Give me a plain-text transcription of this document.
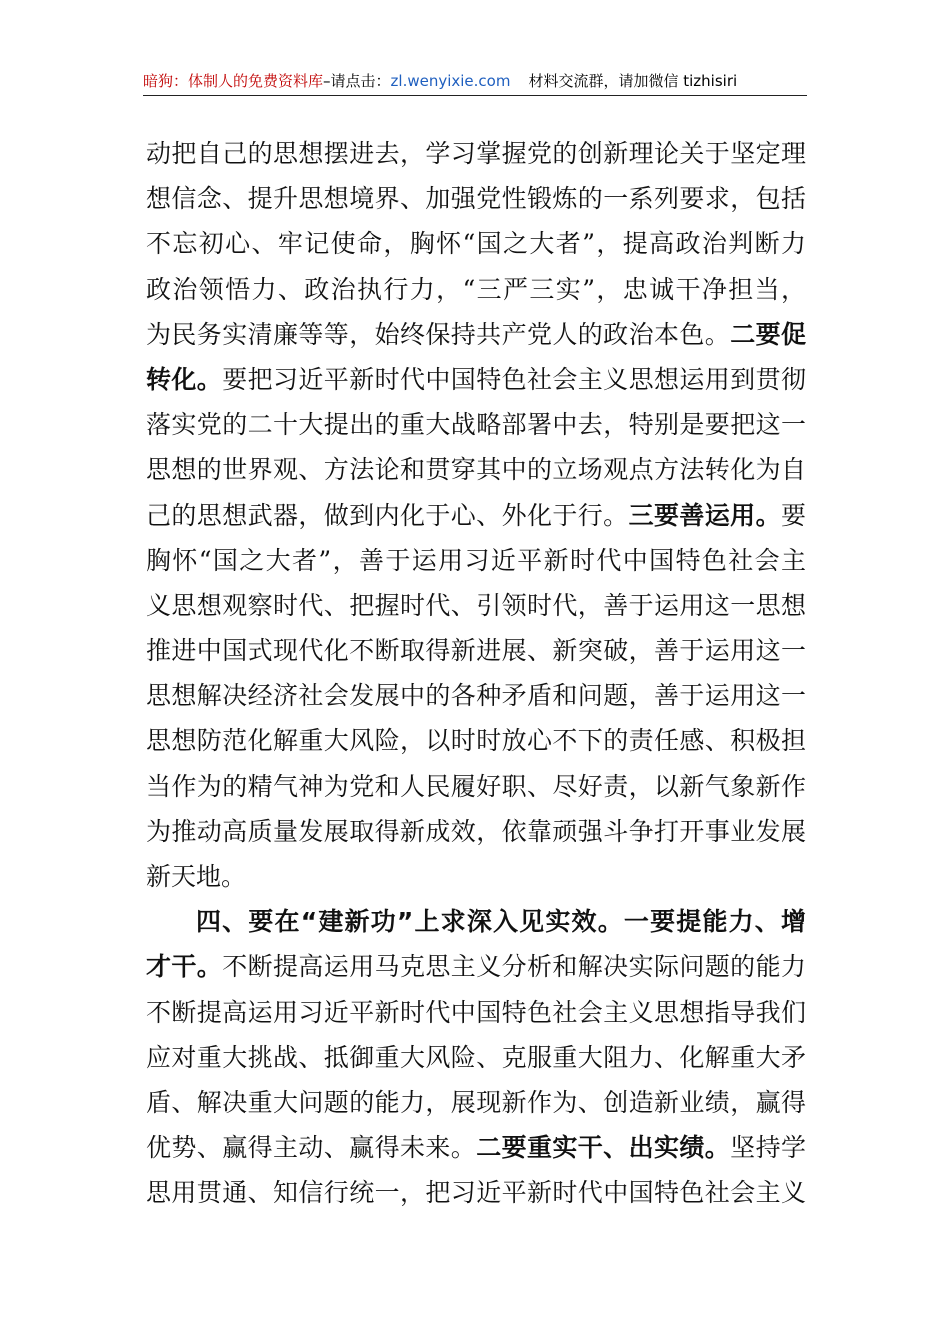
暗狗：体制人的免费资料库–请点击：zl.wenyixie.com 材料交流群，请加微信 tizhisiri
动把自己的思想摆进去，学习掌握党的创新理论关于坚定理
想信念、提升思想境界、加强党性锻炼的一系列要求，包括
不忘初心、牢记使命，胸怀“国之大者”，提高政治判断力
政治领悟力、政治执行力，“三严三实”，忠诚干净担当，
为民务实清廉等等，始终保持共产党人的政治本色。二要促
转化。要把习近平新时代中国特色社会主义思想运用到贯彻
落实党的二十大提出的重大战略部署中去，特别是要把这一
思想的世界观、方法论和贯穿其中的立场观点方法转化为自
己的思想武器，做到内化于心、外化于行。三要善运用。要
胸怀“国之大者”，善于运用习近平新时代中国特色社会主
义思想观察时代、把握时代、引领时代，善于运用这一思想
推进中国式现代化不断取得新进展、新突破，善于运用这一
思想解决经济社会发展中的各种矛盾和问题，善于运用这一
思想防范化解重大风险，以时时放心不下的责任感、积极担
当作为的精气神为党和人民履好职、尽好责，以新气象新作
为推动高质量发展取得新成效，依靠顽强斗争打开事业发展
新天地。
四、要在“建新功”上求深入见实效。一要提能力、增
才干。不断提高运用马克思主义分析和解决实际问题的能力
不断提高运用习近平新时代中国特色社会主义思想指导我们
应对重大挑战、抵御重大风险、克服重大阻力、化解重大矛
盾、解决重大问题的能力，展现新作为、创造新业绩，赢得
优势、赢得主动、赢得未来。二要重实干、出实绩。坚持学
思用贯通、知信行统一，把习近平新时代中国特色社会主义
